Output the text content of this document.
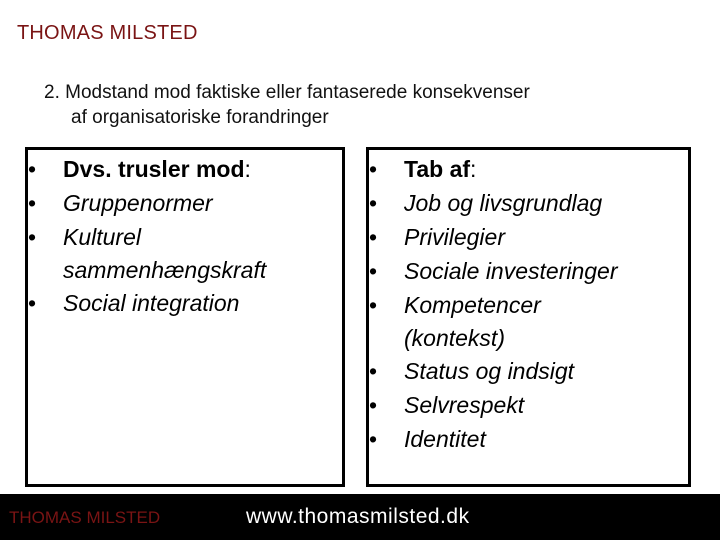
THOMAS MILSTED
2. Modstand mod faktiske eller fantaserede konsekvenser
af organisatoriske forandringer
• Dvs. trusler mod:
• Gruppenormer
• Kulturel
sammenhængskraft
• Social integration
• Tab af:
• Job og livsgrundlag
• Privilegier
• Sociale investeringer
• Kompetencer
(kontekst)
• Status og indsigt
• Selvrespekt
• Identitet
THOMAS MILSTED	www.thomasmilsted.dk
